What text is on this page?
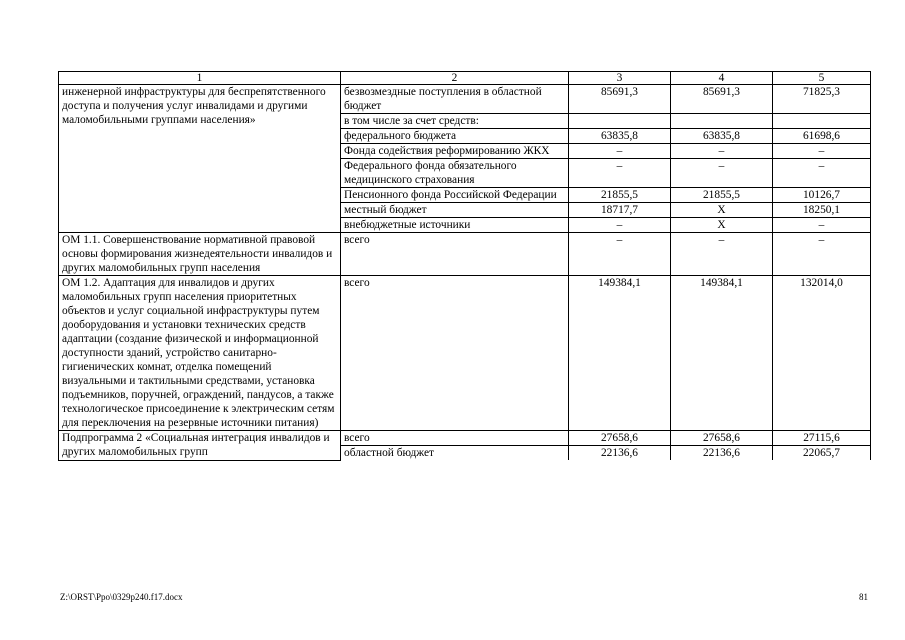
1	2	3	4	5
инженерной инфраструктуры для беспрепятственного доступа и получения услуг инвалидами и другими маломобильными группами населения»	безвозмездные поступления в областной бюджет	85691,3	85691,3	71825,3
	в том числе за счет средств:			
	федерального бюджета	63835,8	63835,8	61698,6
	Фонда содействия реформированию ЖКХ	–	–	–
	Федерального фонда обязательного медицинского страхования	–	–	–
	Пенсионного фонда Российской Федерации	21855,5	21855,5	10126,7
	местный бюджет	18717,7	Х	18250,1
	внебюджетные источники	–	Х	–
ОМ 1.1. Совершенствование нормативной правовой основы формирования жизнедеятельности инвалидов и других маломобильных групп населения	всего	–	–	–
ОМ 1.2. Адаптация для инвалидов и других маломобильных групп населения приоритетных объектов и услуг социальной инфраструктуры путем дооборудования и установки технических средств адаптации (создание физической и информационной доступности зданий, устройство санитарно-гигиенических комнат, отделка помещений визуальными и тактильными средствами, установка подъемников, поручней, ограждений, пандусов, а также технологическое присоединение к электрическим сетям для переключения на резервные источники питания)	всего	149384,1	149384,1	132014,0
Подпрограмма 2 «Социальная интеграция инвалидов и других маломобильных групп	всего	27658,6	27658,6	27115,6
	областной бюджет	22136,6	22136,6	22065,7
Z:\ORST\Ppo\0329p240.f17.docx	81
